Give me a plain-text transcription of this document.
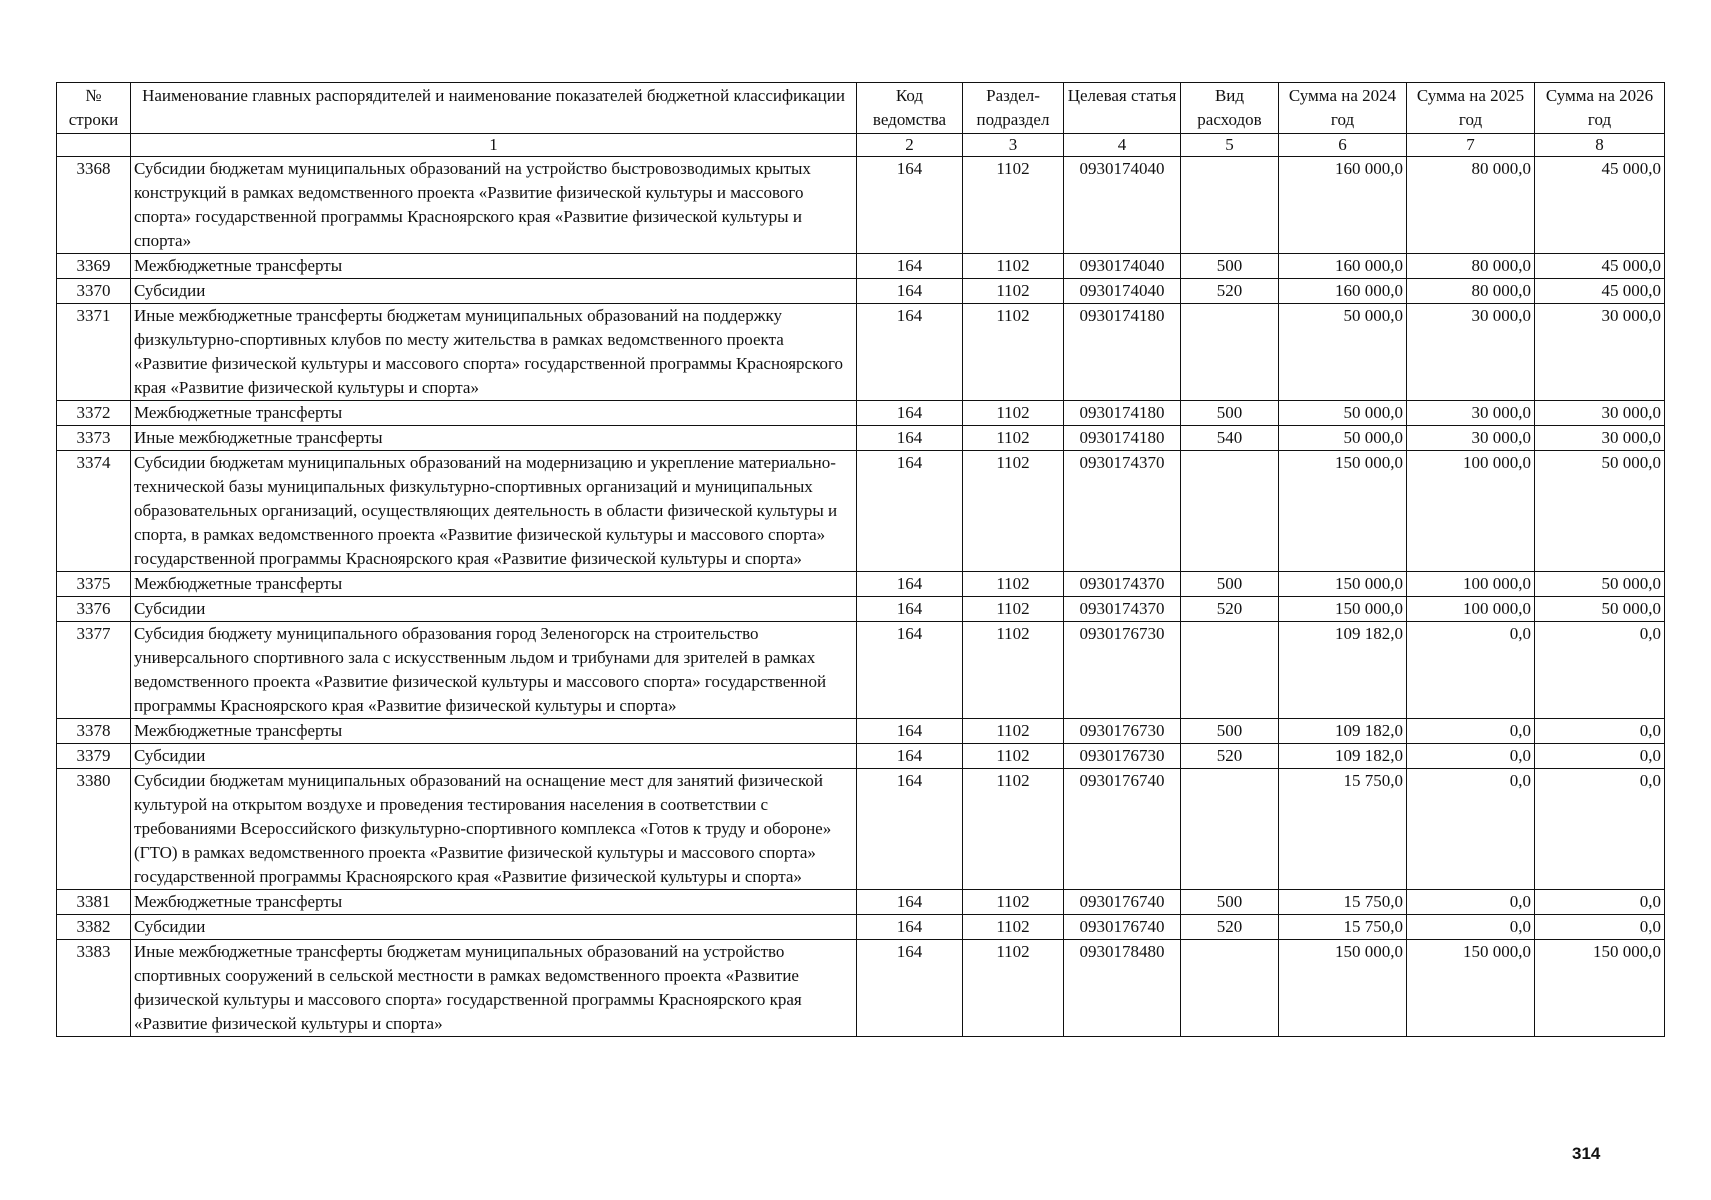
№ строки	Наименование главных распорядителей и наименование показателей бюджетной классификации	Код ведомства	Раздел-подраздел	Целевая статья	Вид расходов	Сумма на 2024 год	Сумма на 2025 год	Сумма на 2026 год
	1	2	3	4	5	6	7	8
3368	Субсидии бюджетам муниципальных образований на устройство быстровозводимых крытых конструкций в рамках ведомственного проекта «Развитие физической культуры и массового спорта» государственной программы Красноярского края «Развитие физической культуры и спорта»	164	1102	0930174040		160 000,0	80 000,0	45 000,0
3369	Межбюджетные трансферты	164	1102	0930174040	500	160 000,0	80 000,0	45 000,0
3370	Субсидии	164	1102	0930174040	520	160 000,0	80 000,0	45 000,0
3371	Иные межбюджетные трансферты бюджетам муниципальных образований на поддержку физкультурно-спортивных клубов по месту жительства в рамках ведомственного проекта «Развитие физической культуры и массового спорта» государственной программы Красноярского края «Развитие физической культуры и спорта»	164	1102	0930174180		50 000,0	30 000,0	30 000,0
3372	Межбюджетные трансферты	164	1102	0930174180	500	50 000,0	30 000,0	30 000,0
3373	Иные межбюджетные трансферты	164	1102	0930174180	540	50 000,0	30 000,0	30 000,0
3374	Субсидии бюджетам муниципальных образований на модернизацию и укрепление материально-технической базы муниципальных физкультурно-спортивных организаций и муниципальных образовательных организаций, осуществляющих деятельность в области физической культуры и спорта, в рамках ведомственного проекта «Развитие физической культуры и массового спорта» государственной программы Красноярского края «Развитие физической культуры и спорта»	164	1102	0930174370		150 000,0	100 000,0	50 000,0
3375	Межбюджетные трансферты	164	1102	0930174370	500	150 000,0	100 000,0	50 000,0
3376	Субсидии	164	1102	0930174370	520	150 000,0	100 000,0	50 000,0
3377	Субсидия бюджету муниципального образования город Зеленогорск на строительство универсального спортивного зала с искусственным льдом и трибунами для зрителей в рамках ведомственного проекта «Развитие физической культуры и массового спорта» государственной программы Красноярского края «Развитие физической культуры и спорта»	164	1102	0930176730		109 182,0	0,0	0,0
3378	Межбюджетные трансферты	164	1102	0930176730	500	109 182,0	0,0	0,0
3379	Субсидии	164	1102	0930176730	520	109 182,0	0,0	0,0
3380	Субсидии бюджетам муниципальных образований на оснащение мест для занятий физической культурой на открытом воздухе и проведения тестирования населения в соответствии с требованиями Всероссийского физкультурно-спортивного комплекса «Готов к труду и обороне» (ГТО) в рамках ведомственного проекта «Развитие физической культуры и массового спорта» государственной программы Красноярского края «Развитие физической культуры и спорта»	164	1102	0930176740		15 750,0	0,0	0,0
3381	Межбюджетные трансферты	164	1102	0930176740	500	15 750,0	0,0	0,0
3382	Субсидии	164	1102	0930176740	520	15 750,0	0,0	0,0
3383	Иные межбюджетные трансферты бюджетам муниципальных образований на устройство спортивных сооружений в сельской местности в рамках ведомственного проекта «Развитие физической культуры и массового спорта» государственной программы Красноярского края «Развитие физической культуры и спорта»	164	1102	0930178480		150 000,0	150 000,0	150 000,0
314
